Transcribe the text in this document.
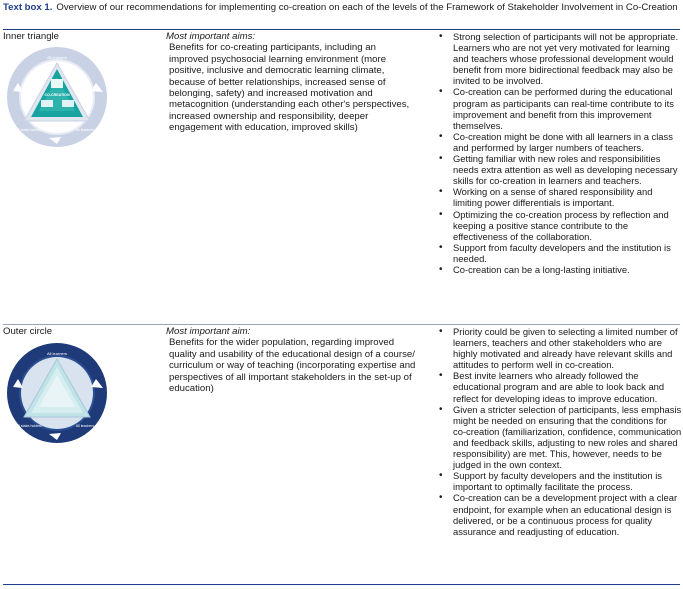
Text box 1. Overview of our recommendations for implementing co-creation on each of the levels of the Framework of Stakeholder Involvement in Co-Creation
Inner triangle
All learners
CO-CREATION
All stake-holders	All teachers
Most important aims:
Benefits for co-creating participants, including an improved psychosocial learning environment (more positive, inclusive and democratic learning climate, because of better relationships, increased sense of belonging, safety) and increased motivation and metacognition (understanding each other's perspectives, increased ownership and responsibility, deeper engagement with education, improved skills)
• Strong selection of participants will not be appropriate. Learners who are not yet very motivated for learning and teachers whose professional development would benefit from more bidirectional feedback may also be invited to be involved.
• Co-creation can be performed during the educational program as participants can real-time contribute to its improvement and benefit from this improvement themselves.
• Co-creation might be done with all learners in a class and performed by larger numbers of teachers.
• Getting familiar with new roles and responsibilities needs extra attention as well as developing necessary skills for co-creation in learners and teachers.
• Working on a sense of shared responsibility and limiting power differentials is important.
• Optimizing the co-creation process by reflection and keeping a positive stance contribute to the effectiveness of the collaboration.
• Support from faculty developers and the institution is needed.
• Co-creation can be a long-lasting initiative.
Outer circle
All learners
All stake-holders	All teachers
Most important aim:
Benefits for the wider population, regarding improved quality and usability of the educational design of a course/ curriculum or way of teaching (incorporating expertise and perspectives of all important stakeholders in the set-up of education)
• Priority could be given to selecting a limited number of learners, teachers and other stakeholders who are highly motivated and already have relevant skills and attitudes to perform well in co-creation.
• Best invite learners who already followed the educational program and are able to look back and reflect for developing ideas to improve education.
• Given a stricter selection of participants, less emphasis might be needed on ensuring that the conditions for co-creation (familiarization, confidence, communication and feedback skills, adjusting to new roles and shared responsibility) are met. This, however, needs to be judged in the own context.
• Support by faculty developers and the institution is important to optimally facilitate the process.
• Co-creation can be a development project with a clear endpoint, for example when an educational design is delivered, or be a continuous process for quality assurance and readjusting of education.
